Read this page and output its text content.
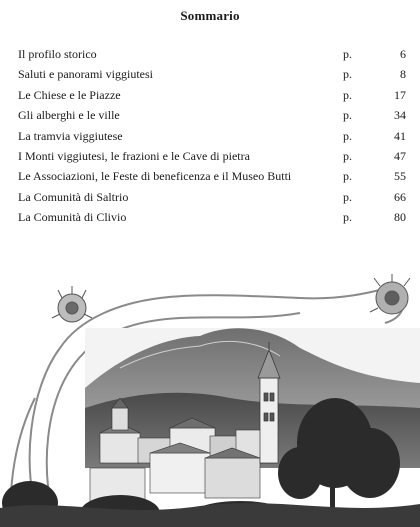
Sommario
Il profilo storico	p.	6
Saluti e panorami viggiutesi	p.	8
Le Chiese e le Piazze	p.	17
Gli alberghi e le ville	p.	34
La tramvia viggiutese	p.	41
I Monti viggiutesi, le frazioni e le Cave di pietra	p.	47
Le Associazioni, le Feste di beneficenza e il Museo Butti	p.	55
La Comunità di Saltrio	p.	66
La Comunità di Clivio	p.	80
